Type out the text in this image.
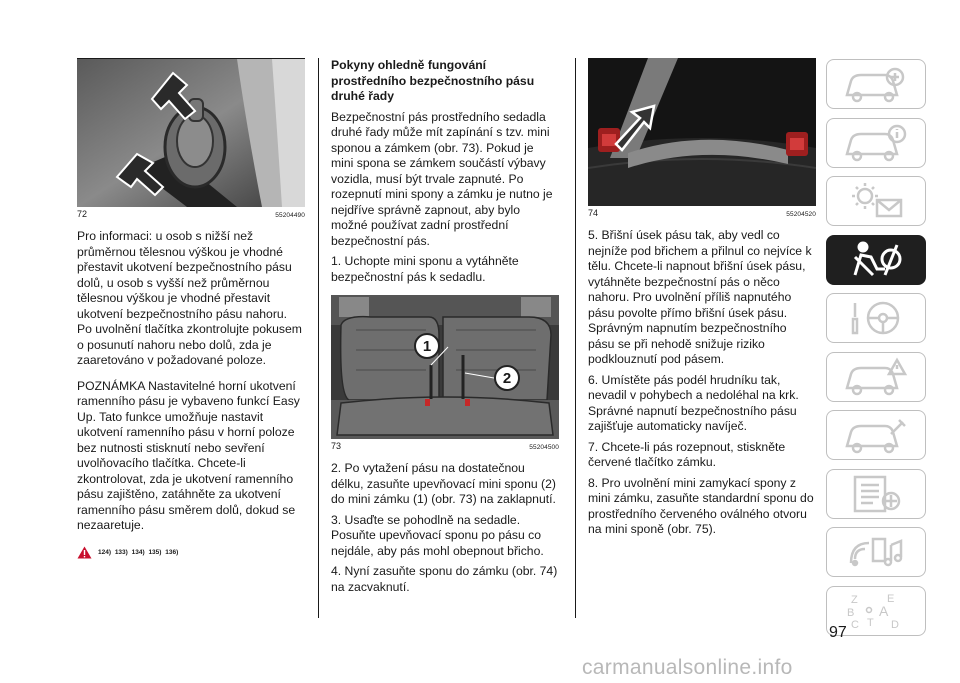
72	55204490

Pro informaci: u osob s nižší než průměrnou tělesnou výškou je vhodné přestavit ukotvení bezpečnostního pásu dolů, u osob s vyšší než průměrnou tělesnou výškou je vhodné přestavit ukotvení bezpečnostního pásu nahoru. Po uvolnění tlačítka zkontrolujte pokusem o posunutí nahoru nebo dolů, zda je zaaretováno v požadované poloze.

POZNÁMKA Nastavitelné horní ukotvení ramenního pásu je vybaveno funkcí Easy Up. Tato funkce umožňuje nastavit ukotvení ramenního pásu v horní poloze bez nutnosti stisknutí nebo sevření uvolňovacího tlačítka. Chcete-li zkontrolovat, zda je ukotvení ramenního pásu zajištěno, zatáhněte za ukotvení ramenního pásu směrem dolů, dokud se nezaaretuje.

124) 133) 134) 135) 136)
Pokyny ohledně fungování prostředního bezpečnostního pásu druhé řady

Bezpečnostní pás prostředního sedadla druhé řady může mít zapínání s tzv. mini sponou a zámkem (obr. 73). Pokud je mini spona se zámkem součástí výbavy vozidla, musí být trvale zapnuté. Po rozepnutí mini spony a zámku je nutno je nejdříve správně zapnout, aby bylo možné používat zadní prostřední bezpečnostní pás.

1. Uchopte mini sponu a vytáhněte bezpečnostní pás k sedadlu.

1
2
73	55204500

2. Po vytažení pásu na dostatečnou délku, zasuňte upevňovací mini sponu (2) do mini zámku (1) (obr. 73) na zaklapnutí.

3. Usaďte se pohodlně na sedadle. Posuňte upevňovací sponu po pásu co nejdále, aby pás mohl obepnout břicho.

4. Nyní zasuňte sponu do zámku (obr. 74) na zacvaknutí.

74	55204520

5. Břišní úsek pásu tak, aby vedl co nejníže pod břichem a přilnul co nejvíce k tělu. Chcete-li napnout břišní úsek pásu, vytáhněte bezpečnostní pás o něco nahoru. Pro uvolnění příliš napnutého pásu povolte přímo břišní úsek pásu. Správným napnutím bezpečnostního pásu se při nehodě snižuje riziko podklouznutí pod pásem.

6. Umístěte pás podél hrudníku tak, nevadil v pohybech a nedoléhal na krk. Správné napnutí bezpečnostního pásu zajišťuje automaticky navíječ.

7. Chcete-li pás rozepnout, stiskněte červené tlačítko zámku.

8. Pro uvolnění mini zamykací spony z mini zámku, zasuňte standardní sponu do prostředního červeného oválného otvoru na mini sponě (obr. 75).

Z	E
B A
C T D
97
carmanualsonline.info
